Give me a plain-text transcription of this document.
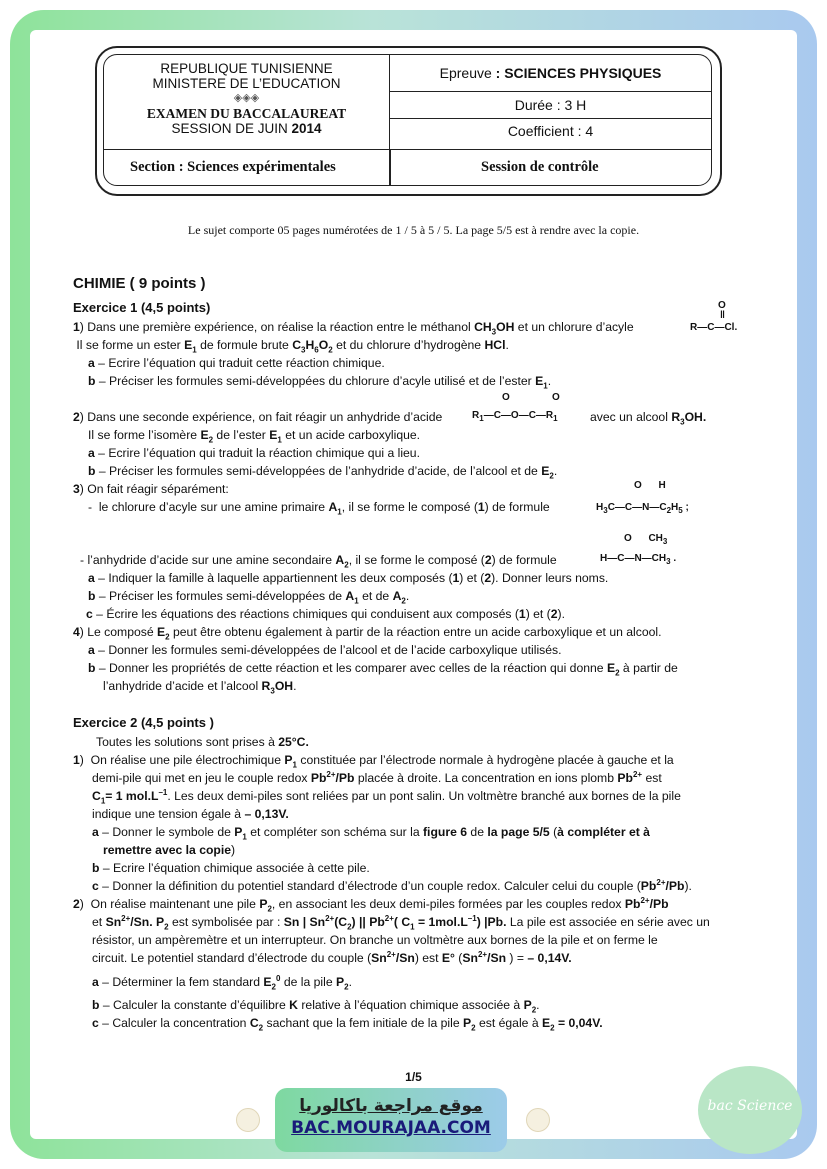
REPUBLIQUE TUNISIENNE
MINISTERE DE L’EDUCATION
◈◈◈
EXAMEN DU BACCALAUREAT
SESSION DE JUIN 2014
Epreuve : SCIENCES PHYSIQUES
Durée : 3 H
Coefficient : 4
Section : Sciences expérimentales	Session de contrôle
Le sujet comporte 05 pages numérotées de 1 / 5 à 5 / 5. La page 5/5 est à rendre avec la copie.
CHIMIE ( 9 points )
Exercice 1 (4,5 points)
1) Dans une première expérience, on réalise la réaction entre le méthanol $CH_3OH$ et un chlorure d’acyle
O
‖
R—C—Cl.
Il se forme un ester $E_1$ de formule brute $C_3H_6O_2$ et du chlorure d’hydrogène HCl.
a – Ecrire l’équation qui traduit cette réaction chimique.
b – Préciser les formules semi-développées du chlorure d’acyle utilisé et de l’ester $E_1$.
2) Dans une seconde expérience, on fait réagir un anhydride d’acide
O	O
$R_1—C—O—C—R_1$	avec un alcool $R_3OH$.
Il se forme l’isomère $E_2$ de l’ester $E_1$ et un acide carboxylique.
a – Ecrire l’équation qui traduit la réaction chimique qui a lieu.
b – Préciser les formules semi-développées de l’anhydride d’acide, de l’alcool et de $E_2$.
3) On fait réagir séparément:
-  le chlorure d’acyle sur une amine primaire $A_1$, il se forme le composé (1) de formule
O      H
$H_3C—C—N—C_2H_5$ ;
- l’anhydride d’acide sur une amine secondaire $A_2$, il se forme le composé (2) de formule
O      $CH_3$
$H—C—N—CH_3$ .
a – Indiquer la famille à laquelle appartiennent les deux composés (1) et (2). Donner leurs noms.
b – Préciser les formules semi-développées de $A_1$ et de $A_2$.
c – Écrire les équations des réactions chimiques qui conduisent aux composés (1) et (2).
4) Le composé $E_2$ peut être obtenu également à partir de la réaction entre un acide carboxylique et un alcool.
a – Donner les formules semi-développées de l’alcool et de l’acide carboxylique utilisés.
b – Donner les propriétés de cette réaction et les comparer avec celles de la réaction qui donne $E_2$ à partir de
l’anhydride d’acide et l’alcool $R_3OH$.
Exercice 2 (4,5 points )
Toutes les solutions sont prises à 25°C.
1)  On réalise une pile électrochimique $P_1$ constituée par l’électrode normale à hydrogène placée à gauche et la
demi-pile qui met en jeu le couple redox $Pb^{2+}/Pb$ placée à droite. La concentration en ions plomb $Pb^{2+}$ est
$C_1= 1$ $mol.L^{-1}$. Les deux demi-piles sont reliées par un pont salin. Un voltmètre branché aux bornes de la pile
indique une tension égale à – 0,13V.
a – Donner le symbole de $P_1$ et compléter son schéma sur la figure 6 de la page 5/5 (à compléter et à
remettre avec la copie)
b – Ecrire l’équation chimique associée à cette pile.
c – Donner la définition du potentiel standard d’électrode d’un couple redox. Calculer celui du couple $(Pb^{2+}/Pb)$.
2)  On réalise maintenant une pile $P_2$, en associant les deux demi-piles formées par les couples redox $Pb^{2+}/Pb$
et $Sn^{2+}/Sn$. $P_2$ est symbolisée par : Sn | $Sn^{2+}(C_2)$ || $Pb^{2+}$( $C_1 = 1mol.L^{-1}$) |Pb. La pile est associée en série avec un
résistor, un ampèremètre et un interrupteur. On branche un voltmètre aux bornes de la pile et on ferme le
circuit. Le potentiel standard d’électrode du couple $(Sn^{2+}/Sn)$ est E° ($Sn^{2+}/Sn$ ) = – 0,14V.
a – Déterminer la fem standard $E_2^0$ de la pile $P_2$.
b – Calculer la constante d’équilibre K relative à l’équation chimique associée à $P_2$.
c – Calculer la concentration $C_2$ sachant que la fem initiale de la pile $P_2$ est égale à $E_2 = 0,04V$.
1/5
موقع مراجعة باكالوريا
BAC.MOURAJAA.COM
bac Science
